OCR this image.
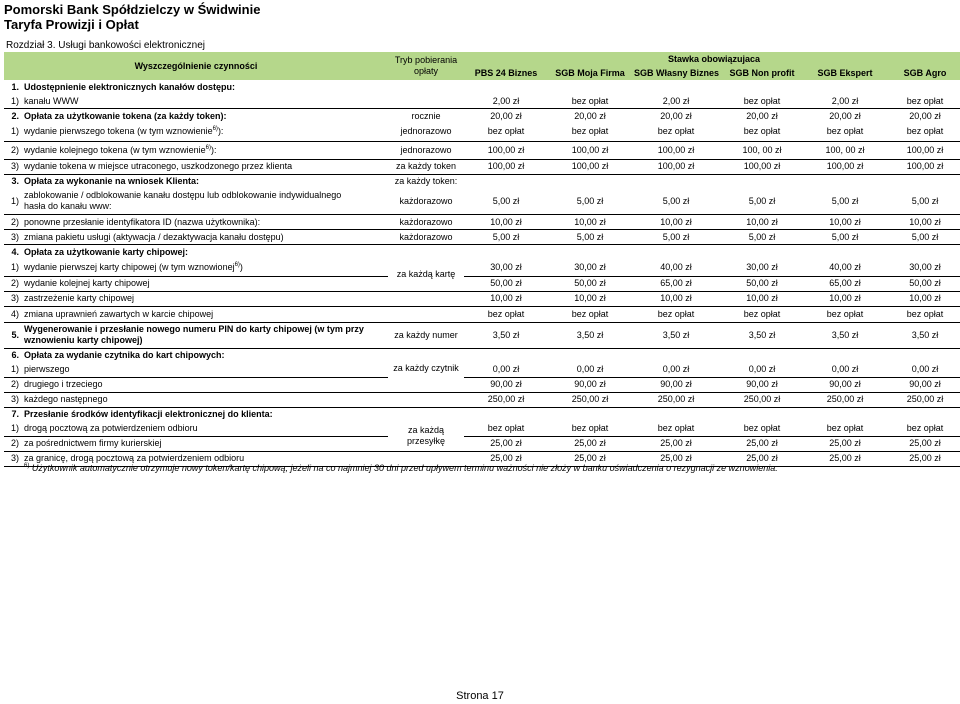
Pomorski Bank Spółdzielczy w Świdwinie
Taryfa Prowizji i Opłat
Rozdział 3. Usługi bankowości elektronicznej
Wyszczególnienie czynności		Tryb pobierania
opłaty	Stawka obowiązujaca					
			PBS 24 Biznes	SGB Moja Firma	SGB Własny Biznes	SGB Non profit	SGB Ekspert	SGB Agro
1.	Udostępnienie elektronicznych kanałów dostępu:							
1)	kanału WWW		2,00 zł	bez opłat	2,00 zł	bez opłat	2,00 zł	bez opłat
2.	Opłata za użytkowanie tokena (za każdy token):	rocznie	20,00 zł	20,00 zł	20,00 zł	20,00 zł	20,00 zł	20,00 zł
1)	wydanie pierwszego tokena (w tym wznowienie$^{6)}$):	jednorazowo	bez opłat	bez opłat	bez opłat	bez opłat	bez opłat	bez opłat
2)	wydanie kolejnego tokena (w tym wznowienie$^{6)}$):	jednorazowo	100,00 zł	100,00 zł	100,00 zł	100, 00 zł	100, 00 zł	100,00 zł
3)	wydanie tokena w miejsce utraconego, uszkodzonego przez klienta	za każdy token	100,00 zł	100,00 zł	100,00 zł	100,00 zł	100,00 zł	100,00 zł
3.	Opłata za wykonanie na wniosek Klienta:	za każdy token:						
1)	zablokowanie / odblokowanie kanału dostępu lub odblokowanie indywidualnego
hasła do kanału www:	każdorazowo	5,00 zł	5,00 zł	5,00 zł	5,00 zł	5,00 zł	5,00 zł
2)	ponowne przesłanie identyfikatora ID (nazwa użytkownika):	każdorazowo	10,00 zł	10,00 zł	10,00 zł	10,00 zł	10,00 zł	10,00 zł
3)	zmiana pakietu usługi (aktywacja / dezaktywacja kanału dostępu)	każdorazowo	5,00 zł	5,00 zł	5,00 zł	5,00 zł	5,00 zł	5,00 zł
4.	Opłata za użytkowanie karty chipowej:							
1)	wydanie pierwszej karty chipowej (w tym wznowionej$^{6)}$)	za każdą kartę	30,00 zł	30,00 zł	40,00 zł	30,00 zł	40,00 zł	30,00 zł
2)	wydanie kolejnej karty chipowej		50,00 zł	50,00 zł	65,00 zł	50,00 zł	65,00 zł	50,00 zł
3)	zastrzeżenie karty chipowej		10,00 zł	10,00 zł	10,00 zł	10,00 zł	10,00 zł	10,00 zł
4)	zmiana uprawnień zawartych w karcie chipowej		bez opłat	bez opłat	bez opłat	bez opłat	bez opłat	bez opłat
5.	Wygenerowanie i przesłanie nowego numeru PIN do karty chipowej (w tym przy
wznowieniu karty chipowej)	za każdy numer	3,50 zł	3,50 zł	3,50 zł	3,50 zł	3,50 zł	3,50 zł
6.	Opłata za wydanie czytnika do kart chipowych:							
1)	pierwszego	za każdy czytnik	0,00 zł	0,00 zł	0,00 zł	0,00 zł	0,00 zł	0,00 zł
2)	drugiego i trzeciego		90,00 zł	90,00 zł	90,00 zł	90,00 zł	90,00 zł	90,00 zł
3)	każdego następnego		250,00 zł	250,00 zł	250,00 zł	250,00 zł	250,00 zł	250,00 zł
7.	Przesłanie środków identyfikacji elektronicznej do klienta:							
1)	drogą pocztową za potwierdzeniem odbioru	za każdą
przesyłkę	bez opłat	bez opłat	bez opłat	bez opłat	bez opłat	bez opłat
2)	za pośrednictwem firmy kurierskiej		25,00 zł	25,00 zł	25,00 zł	25,00 zł	25,00 zł	25,00 zł
3)	za granicę, drogą pocztową za potwierdzeniem odbioru		25,00 zł	25,00 zł	25,00 zł	25,00 zł	25,00 zł	25,00 zł
$^{6)}$ Użytkownik automatycznie otrzymuje nowy token/kartę chipową, jeżeli na co najmniej 30 dni przed upływem terminu ważności nie złoży w banku oświadczenia o rezygnacji ze wznowienia.
Strona 17
